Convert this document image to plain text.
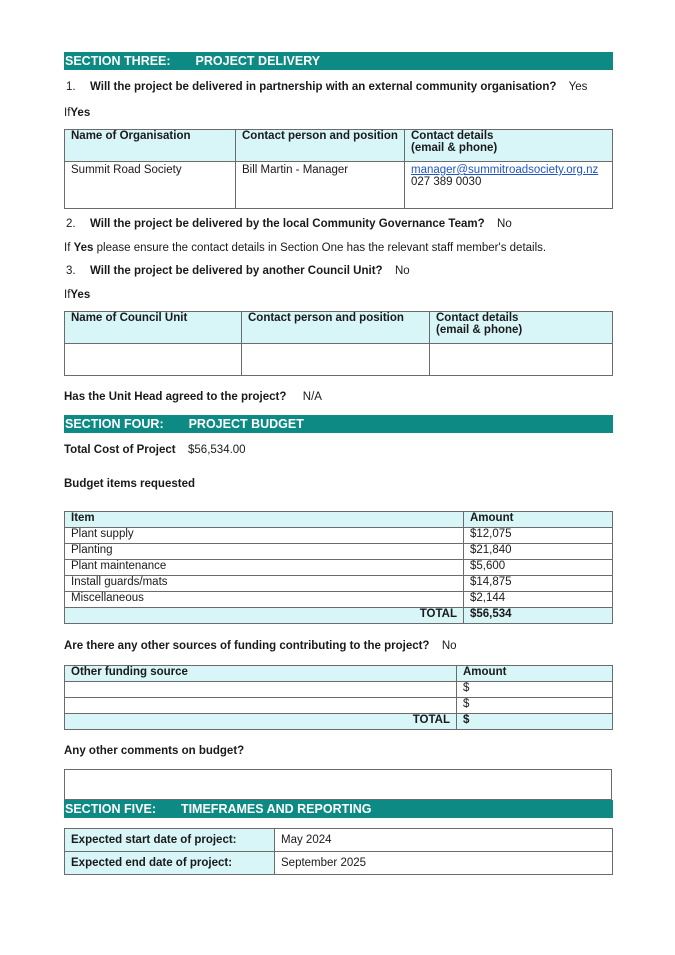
SECTION THREE: PROJECT DELIVERY
1. Will the project be delivered in partnership with an external community organisation? Yes
IfYes
Name of Organisation	Contact person and position	Contact details
(email & phone)

Summit Road Society	Bill Martin - Manager	manager@summitroadsociety.org.nz
027 389 0030
2. Will the project be delivered by the local Community Governance Team? No
If Yes please ensure the contact details in Section One has the relevant staff member's details.
3. Will the project be delivered by another Council Unit? No
IfYes
Name of Council Unit	Contact person and position	Contact details
(email & phone)

Has the Unit Head agreed to the project? N/A
SECTION FOUR: PROJECT BUDGET
Total Cost of Project $56,534.00
Budget items requested
Item	Amount
Plant supply	$12,075
Planting	$21,840
Plant maintenance	$5,600
Install guards/mats	$14,875
Miscellaneous	$2,144
TOTAL	$56,534
Are there any other sources of funding contributing to the project? No
Other funding source	Amount
	$
	$
TOTAL	$
Any other comments on budget?
SECTION FIVE: TIMEFRAMES AND REPORTING
Expected start date of project:	May 2024
Expected end date of project:	September 2025
